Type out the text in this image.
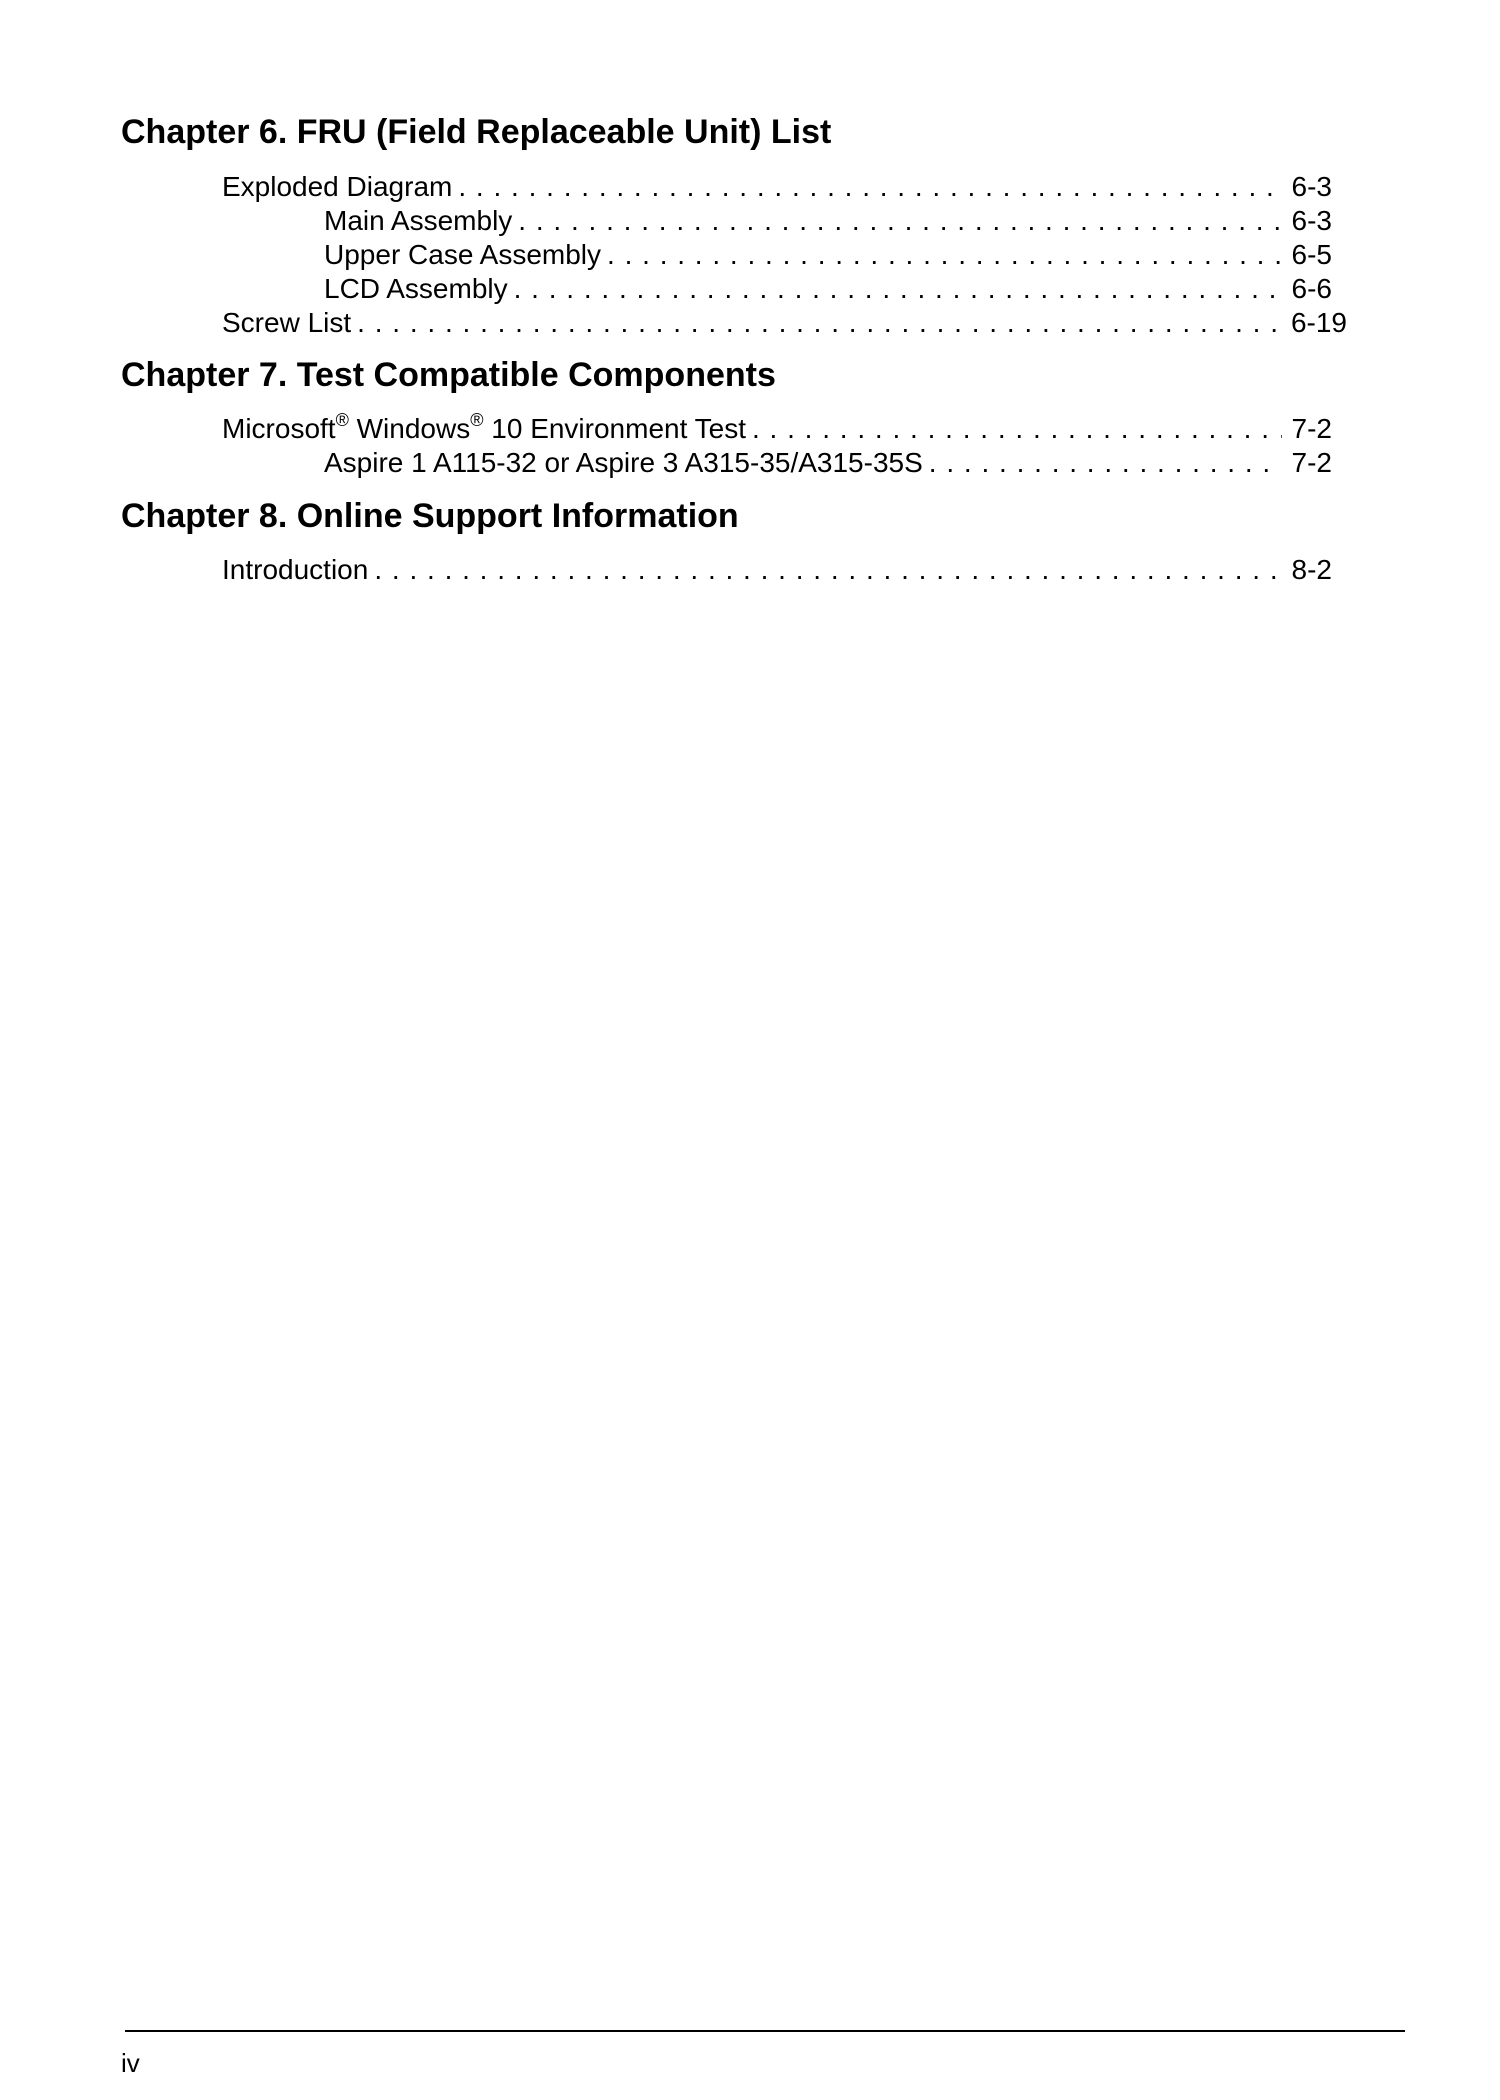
Chapter 6. FRU (Field Replaceable Unit) List
Exploded Diagram . . .	6-3
Main Assembly . . .	6-3
Upper Case Assembly . . .	6-5
LCD Assembly . . .	6-6
Screw List . . .	6-19
Chapter 7. Test Compatible Components
Microsoft® Windows® 10 Environment Test . . .	7-2
Aspire 1 A115-32 or Aspire 3 A315-35/A315-35S . . .	7-2
Chapter 8. Online Support Information
Introduction . . .	8-2
iv
